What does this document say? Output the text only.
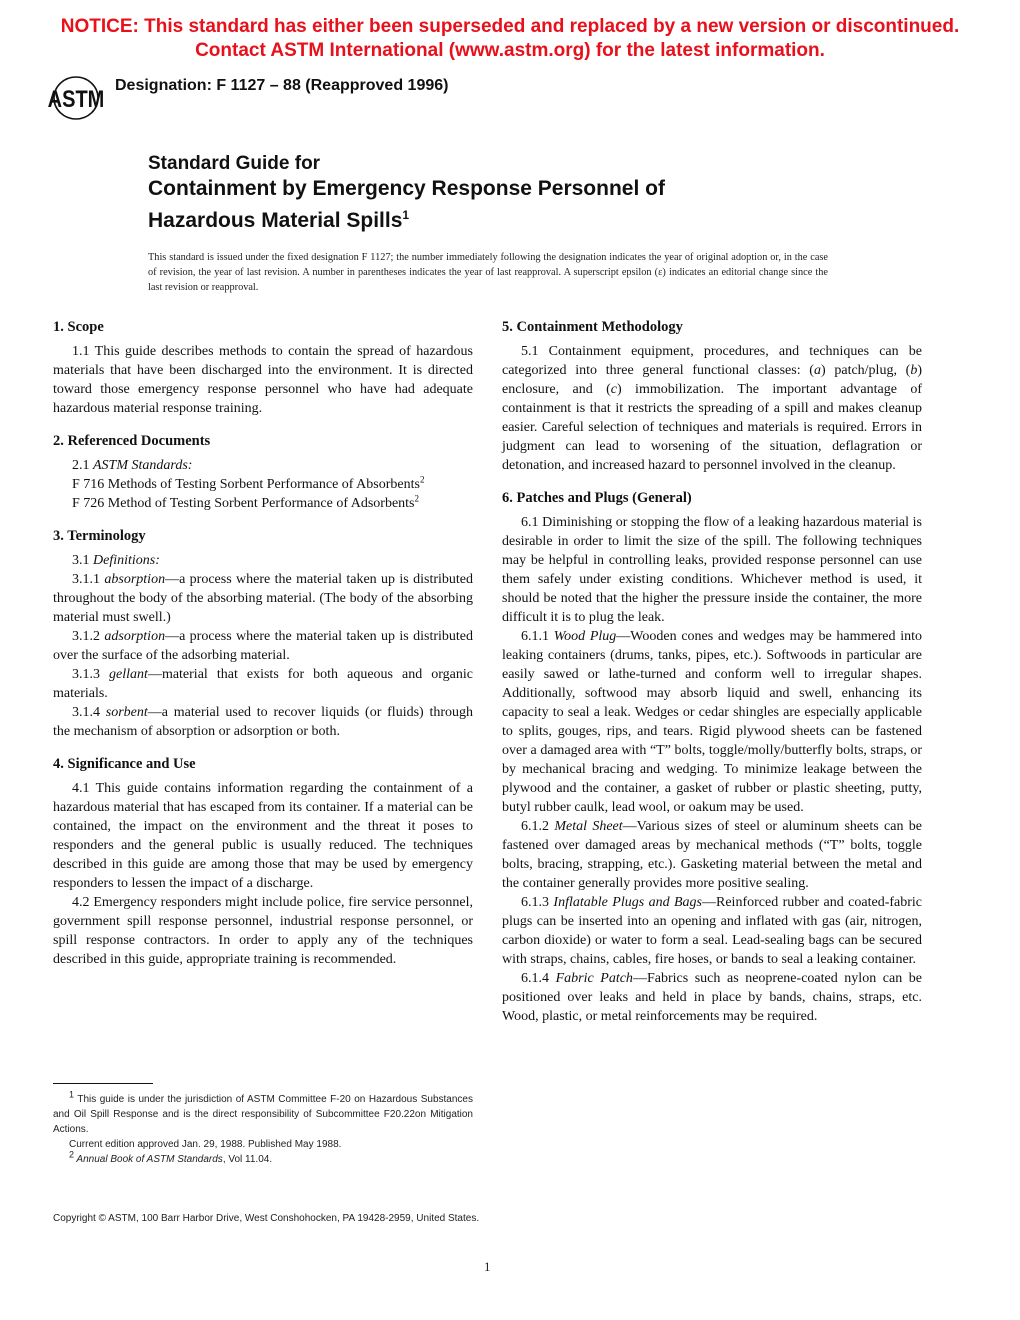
NOTICE: This standard has either been superseded and replaced by a new version or discontinued.
Contact ASTM International (www.astm.org) for the latest information.
ASTM Designation: F 1127 – 88 (Reapproved 1996)
Standard Guide for
Containment by Emergency Response Personnel of
Hazardous Material Spills$^1$
This standard is issued under the fixed designation F 1127; the number immediately following the designation indicates the year of original adoption or, in the case of revision, the year of last revision. A number in parentheses indicates the year of last reapproval. A superscript epsilon (ε) indicates an editorial change since the last revision or reapproval.
1. Scope

1.1 This guide describes methods to contain the spread of hazardous materials that have been discharged into the environment. It is directed toward those emergency response personnel who have had adequate hazardous material response training.

2. Referenced Documents

2.1 ASTM Standards:

F 716 Methods of Testing Sorbent Performance of Absorbents$^2$

F 726 Method of Testing Sorbent Performance of Adsorbents$^2$

3. Terminology

3.1 Definitions:

3.1.1 absorption—a process where the material taken up is distributed throughout the body of the absorbing material. (The body of the absorbing material must swell.)

3.1.2 adsorption—a process where the material taken up is distributed over the surface of the adsorbing material.

3.1.3 gellant—material that exists for both aqueous and organic materials.

3.1.4 sorbent—a material used to recover liquids (or fluids) through the mechanism of absorption or adsorption or both.

4. Significance and Use

4.1 This guide contains information regarding the containment of a hazardous material that has escaped from its container. If a material can be contained, the impact on the environment and the threat it poses to responders and the general public is usually reduced. The techniques described in this guide are among those that may be used by emergency responders to lessen the impact of a discharge.

4.2 Emergency responders might include police, fire service personnel, government spill response personnel, industrial response personnel, or spill response contractors. In order to apply any of the techniques described in this guide, appropriate training is recommended.

5. Containment Methodology

5.1 Containment equipment, procedures, and techniques can be categorized into three general functional classes: (a) patch/plug, (b) enclosure, and (c) immobilization. The important advantage of containment is that it restricts the spreading of a spill and makes cleanup easier. Careful selection of techniques and materials is required. Errors in judgment can lead to worsening of the situation, deflagration or detonation, and increased hazard to personnel involved in the cleanup.

6. Patches and Plugs (General)

6.1 Diminishing or stopping the flow of a leaking hazardous material is desirable in order to limit the size of the spill. The following techniques may be helpful in controlling leaks, provided response personnel can use them safely under existing conditions. Whichever method is used, it should be noted that the higher the pressure inside the container, the more difficult it is to plug the leak.

6.1.1 Wood Plug—Wooden cones and wedges may be hammered into leaking containers (drums, tanks, pipes, etc.). Softwoods in particular are easily sawed or lathe-turned and conform well to irregular shapes. Additionally, softwood may absorb liquid and swell, enhancing its capacity to seal a leak. Wedges or cedar shingles are especially applicable to splits, gouges, rips, and tears. Rigid plywood sheets can be fastened over a damaged area with “T” bolts, toggle/molly/butterfly bolts, straps, or by mechanical bracing and wedging. To minimize leakage between the plywood and the container, a gasket of rubber or plastic sheeting, putty, butyl rubber caulk, lead wool, or oakum may be used.

6.1.2 Metal Sheet—Various sizes of steel or aluminum sheets can be fastened over damaged areas by mechanical methods (“T” bolts, toggle bolts, bracing, strapping, etc.). Gasketing material between the metal and the container generally provides more positive sealing.

6.1.3 Inflatable Plugs and Bags—Reinforced rubber and coated-fabric plugs can be inserted into an opening and inflated with gas (air, nitrogen, carbon dioxide) or water to form a seal. Lead-sealing bags can be secured with straps, chains, cables, fire hoses, or bands to seal a leaking container.

6.1.4 Fabric Patch—Fabrics such as neoprene-coated nylon can be positioned over leaks and held in place by bands, chains, straps, etc. Wood, plastic, or metal reinforcements may be required.

$^1$ This guide is under the jurisdiction of ASTM Committee F-20 on Hazardous Substances and Oil Spill Response and is the direct responsibility of Subcommittee F20.22on Mitigation Actions.

Current edition approved Jan. 29, 1988. Published May 1988.

$^2$ Annual Book of ASTM Standards, Vol 11.04.

Copyright © ASTM, 100 Barr Harbor Drive, West Conshohocken, PA 19428-2959, United States.
1
